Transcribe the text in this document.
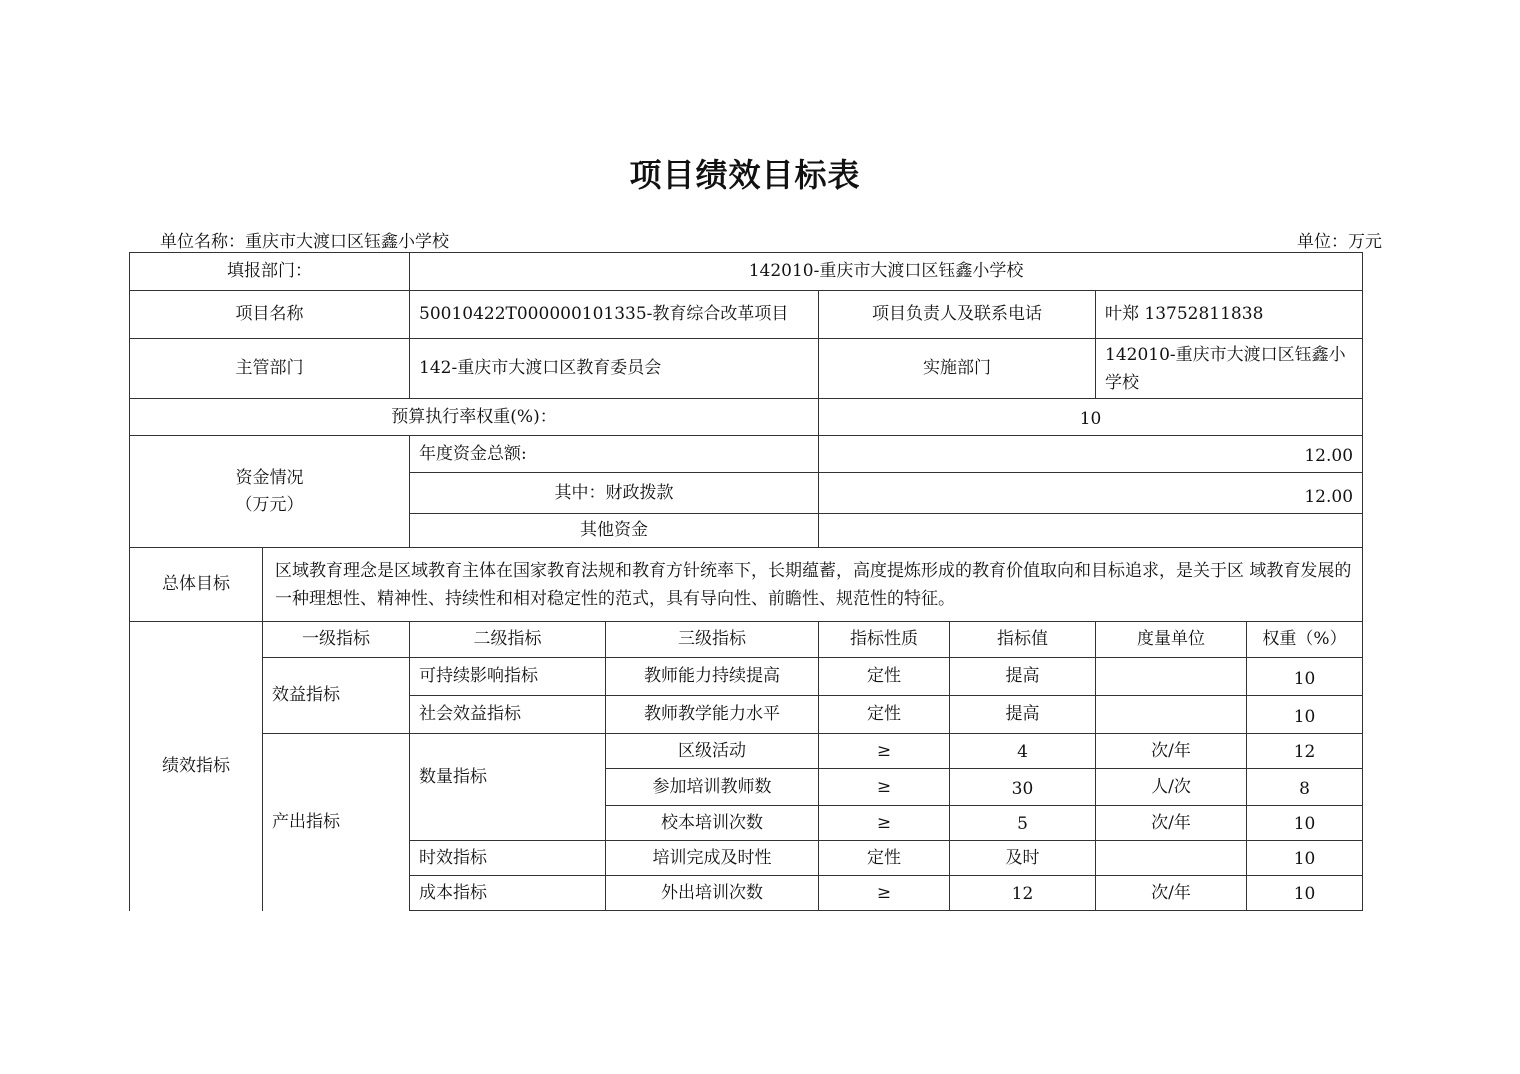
项目绩效目标表
单位名称：重庆市大渡口区钰鑫小学校	单位：万元
填报部门：		142010-重庆市大渡口区钰鑫小学校					
项目名称		50010422T000000101335-教育综合改革项目		项目负责人及联系电话		叶郑 13752811838	
主管部门		142-重庆市大渡口区教育委员会		实施部门		142010-重庆市大渡口区钰鑫小学校	
预算执行率权重(%)：				10			

资金情况
（万元）		年度资金总额:		12.00			
		其中：财政拨款		12.00			
		其他资金					
总体目标	区域教育理念是区域教育主体在国家教育法规和教育方针统率下，长期蕴蓄，高度提炼形成的教育价值取向和目标追求，是关于区 域教育发展的一种理想性、精神性、持续性和相对稳定性的范式，具有导向性、前瞻性、规范性的特征。						
绩效指标	一级指标	二级指标	三级指标	指标性质	指标值	度量单位	权重（%）
	效益指标	可持续影响指标	教师能力持续提高	定性	提高		10
		社会效益指标	教师教学能力水平	定性	提高		10
	产出指标	数量指标	区级活动	≥	4	次/年	12
			参加培训教师数	≥	30	人/次	8
			校本培训次数	≥	5	次/年	10
		时效指标	培训完成及时性	定性	及时		10
		成本指标	外出培训次数	≥	12	次/年	10
